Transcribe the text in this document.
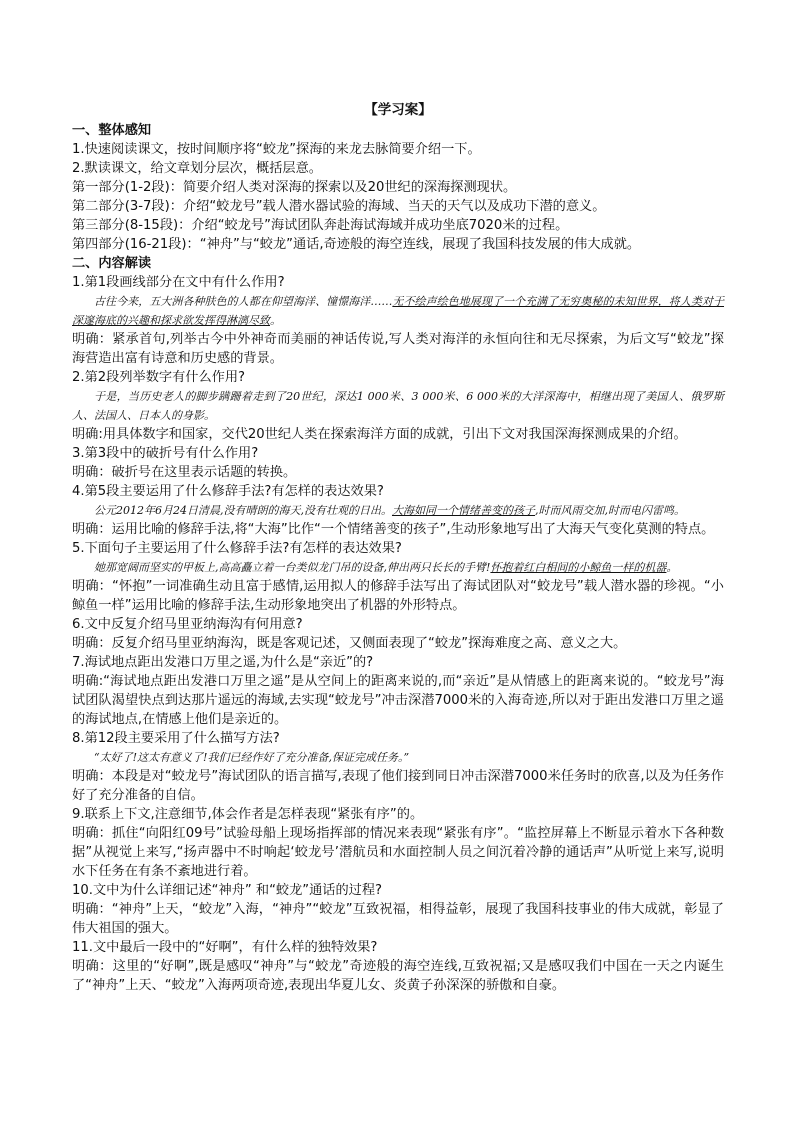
【学习案】
一、整体感知
1.快速阅读课文，按时间顺序将“蛟龙”探海的来龙去脉简要介绍一下。
2.默读课文，给文章划分层次，概括层意。
第一部分(1-2段)：简要介绍人类对深海的探索以及20世纪的深海探测现状。
第二部分(3-7段)：介绍“蛟龙号”载人潜水器试验的海域、当天的天气以及成功下潜的意义。
第三部分(8-15段)：介绍“蛟龙号”海试团队奔赴海试海域并成功坐底7020米的过程。
第四部分(16-21段)：“神舟”与“蛟龙”通话,奇迹般的海空连线，展现了我国科技发展的伟大成就。
二、内容解读
1.第1段画线部分在文中有什么作用?
古往今来，五大洲各种肤色的人都在仰望海洋、憧憬海洋……无不绘声绘色地展现了一个充满了无穷奥秘的未知世界，将人类对于深邃海底的兴趣和探求欲发挥得淋漓尽致。
明确：紧承首句,列举古今中外神奇而美丽的神话传说,写人类对海洋的永恒向往和无尽探索，为后文写“蛟龙”探海营造出富有诗意和历史感的背景。
2.第2段列举数字有什么作用?
于是，当历史老人的脚步蹒跚着走到了20世纪，深达1 000米、3 000米、6 000米的大洋深海中，相继出现了美国人、俄罗斯人、法国人、日本人的身影。
明确:用具体数字和国家，交代20世纪人类在探索海洋方面的成就，引出下文对我国深海探测成果的介绍。
3.第3段中的破折号有什么作用?
明确：破折号在这里表示话题的转换。
4.第5段主要运用了什么修辞手法?有怎样的表达效果?
公元2012年6月24日清晨,没有晴朗的海天,没有壮观的日出。大海如同一个情绪善变的孩子,时而风雨交加,时而电闪雷鸣。
明确：运用比喻的修辞手法,将“大海”比作“一个情绪善变的孩子”,生动形象地写出了大海天气变化莫测的特点。
5.下面句子主要运用了什么修辞手法?有怎样的表达效果?
她那宽阔而坚实的甲板上,高高矗立着一台类似龙门吊的设备,伸出两只长长的手臂!怀抱着红白相间的小鲸鱼一样的机器。
明确：“怀抱”一词准确生动且富于感情,运用拟人的修辞手法写出了海试团队对“蛟龙号”载人潜水器的珍视。“小鲸鱼一样”运用比喻的修辞手法,生动形象地突出了机器的外形特点。
6.文中反复介绍马里亚纳海沟有何用意?
明确：反复介绍马里亚纳海沟，既是客观记述，又侧面表现了“蛟龙”探海难度之高、意义之大。
7.海试地点距出发港口万里之遥,为什么是“亲近”的?
明确:“海试地点距出发港口万里之遥”是从空间上的距离来说的,而“亲近”是从情感上的距离来说的。“蛟龙号”海试团队渴望快点到达那片遥远的海域,去实现“蛟龙号”冲击深潜7000米的入海奇迹,所以对于距出发港口万里之遥的海试地点,在情感上他们是亲近的。
8.第12段主要采用了什么描写方法?
“太好了!这太有意义了!我们已经作好了充分准备,保证完成任务。”
明确：本段是对“蛟龙号”海试团队的语言描写,表现了他们接到同日冲击深潜7000米任务时的欣喜,以及为任务作好了充分准备的自信。
9.联系上下文,注意细节,体会作者是怎样表现“紧张有序”的。
明确：抓住“向阳红09号”试验母船上现场指挥部的情况来表现“紧张有序”。“监控屏幕上不断显示着水下各种数据”从视觉上来写,“扬声器中不时响起‘蛟龙号’潜航员和水面控制人员之间沉着冷静的通话声”从听觉上来写,说明水下任务在有条不紊地进行着。
10.文中为什么详细记述“神舟” 和“蛟龙”通话的过程?
明确：“神舟”上天，“蛟龙”入海，“神舟”“蛟龙”互致祝福，相得益彰，展现了我国科技事业的伟大成就，彰显了伟大祖国的强大。
11.文中最后一段中的“好啊”，有什么样的独特效果?
明确：这里的“好啊”,既是感叹“神舟”与“蛟龙”奇迹般的海空连线,互致祝福;又是感叹我们中国在一天之内诞生了“神舟”上天、“蛟龙”入海两项奇迹,表现出华夏儿女、炎黄子孙深深的骄傲和自豪。
